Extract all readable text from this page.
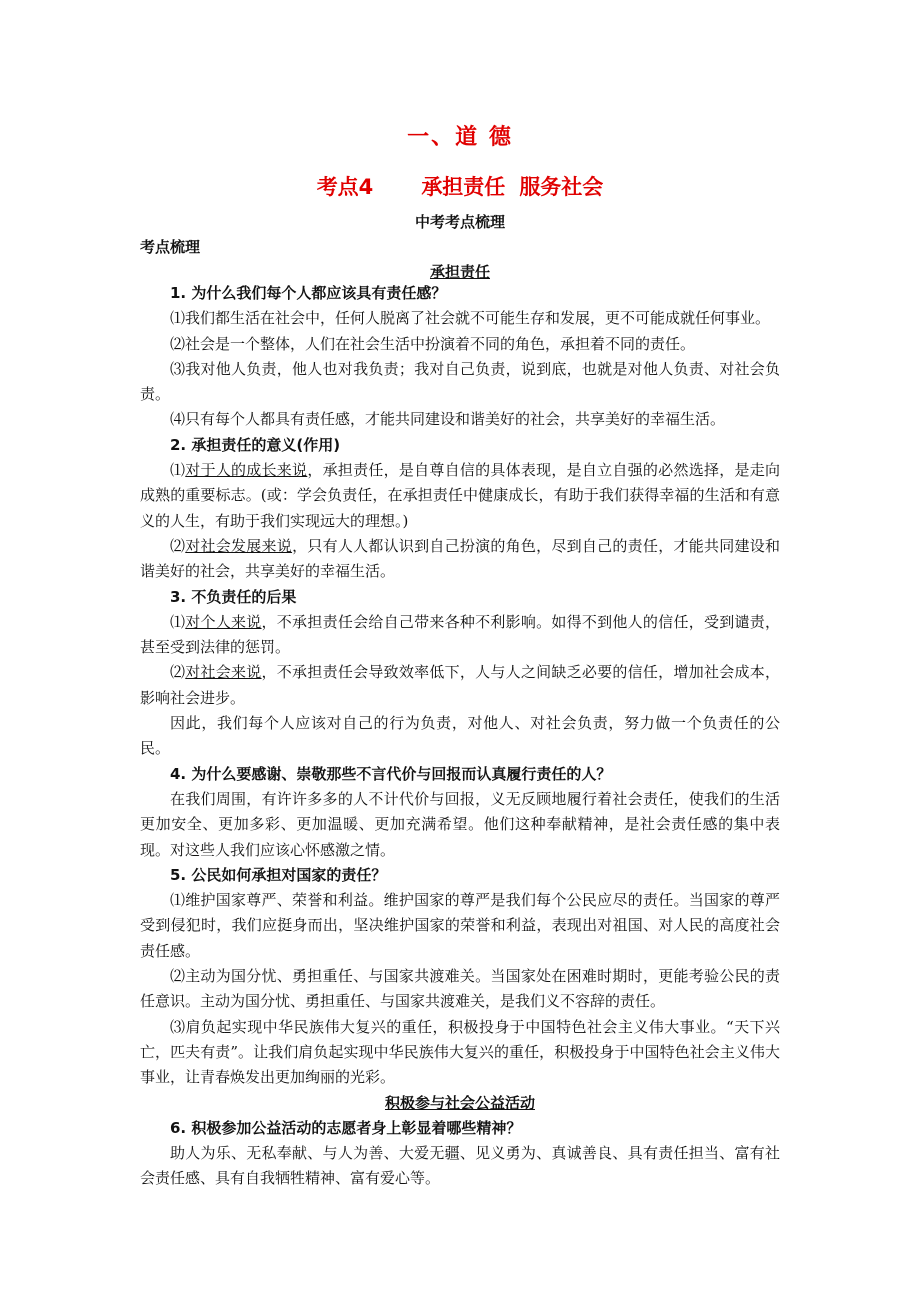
一、道 德
考点4 承担责任 服务社会
中考考点梳理
考点梳理
承担责任

1. 为什么我们每个人都应该具有责任感？

⑴我们都生活在社会中，任何人脱离了社会就不可能生存和发展，更不可能成就任何事业。

⑵社会是一个整体，人们在社会生活中扮演着不同的角色，承担着不同的责任。

⑶我对他人负责，他人也对我负责；我对自己负责，说到底，也就是对他人负责、对社会负责。

⑷只有每个人都具有责任感，才能共同建设和谐美好的社会，共享美好的幸福生活。

2. 承担责任的意义(作用)

⑴对于人的成长来说，承担责任，是自尊自信的具体表现，是自立自强的必然选择，是走向成熟的重要标志。(或：学会负责任，在承担责任中健康成长，有助于我们获得幸福的生活和有意义的人生，有助于我们实现远大的理想。)

⑵对社会发展来说，只有人人都认识到自己扮演的角色，尽到自己的责任，才能共同建设和谐美好的社会，共享美好的幸福生活。

3. 不负责任的后果

⑴对个人来说，不承担责任会给自己带来各种不利影响。如得不到他人的信任，受到谴责，甚至受到法律的惩罚。

⑵对社会来说，不承担责任会导致效率低下，人与人之间缺乏必要的信任，增加社会成本，影响社会进步。

因此，我们每个人应该对自己的行为负责，对他人、对社会负责，努力做一个负责任的公民。

4. 为什么要感谢、崇敬那些不言代价与回报而认真履行责任的人？

在我们周围，有许许多多的人不计代价与回报，义无反顾地履行着社会责任，使我们的生活更加安全、更加多彩、更加温暖、更加充满希望。他们这种奉献精神，是社会责任感的集中表现。对这些人我们应该心怀感激之情。

5. 公民如何承担对国家的责任？

⑴维护国家尊严、荣誉和利益。维护国家的尊严是我们每个公民应尽的责任。当国家的尊严受到侵犯时，我们应挺身而出，坚决维护国家的荣誉和利益，表现出对祖国、对人民的高度社会责任感。

⑵主动为国分忧、勇担重任、与国家共渡难关。当国家处在困难时期时，更能考验公民的责任意识。主动为国分忧、勇担重任、与国家共渡难关，是我们义不容辞的责任。

⑶肩负起实现中华民族伟大复兴的重任，积极投身于中国特色社会主义伟大事业。“天下兴亡，匹夫有责”。让我们肩负起实现中华民族伟大复兴的重任，积极投身于中国特色社会主义伟大事业，让青春焕发出更加绚丽的光彩。

积极参与社会公益活动

6. 积极参加公益活动的志愿者身上彰显着哪些精神？

助人为乐、无私奉献、与人为善、大爱无疆、见义勇为、真诚善良、具有责任担当、富有社会责任感、具有自我牺牲精神、富有爱心等。
